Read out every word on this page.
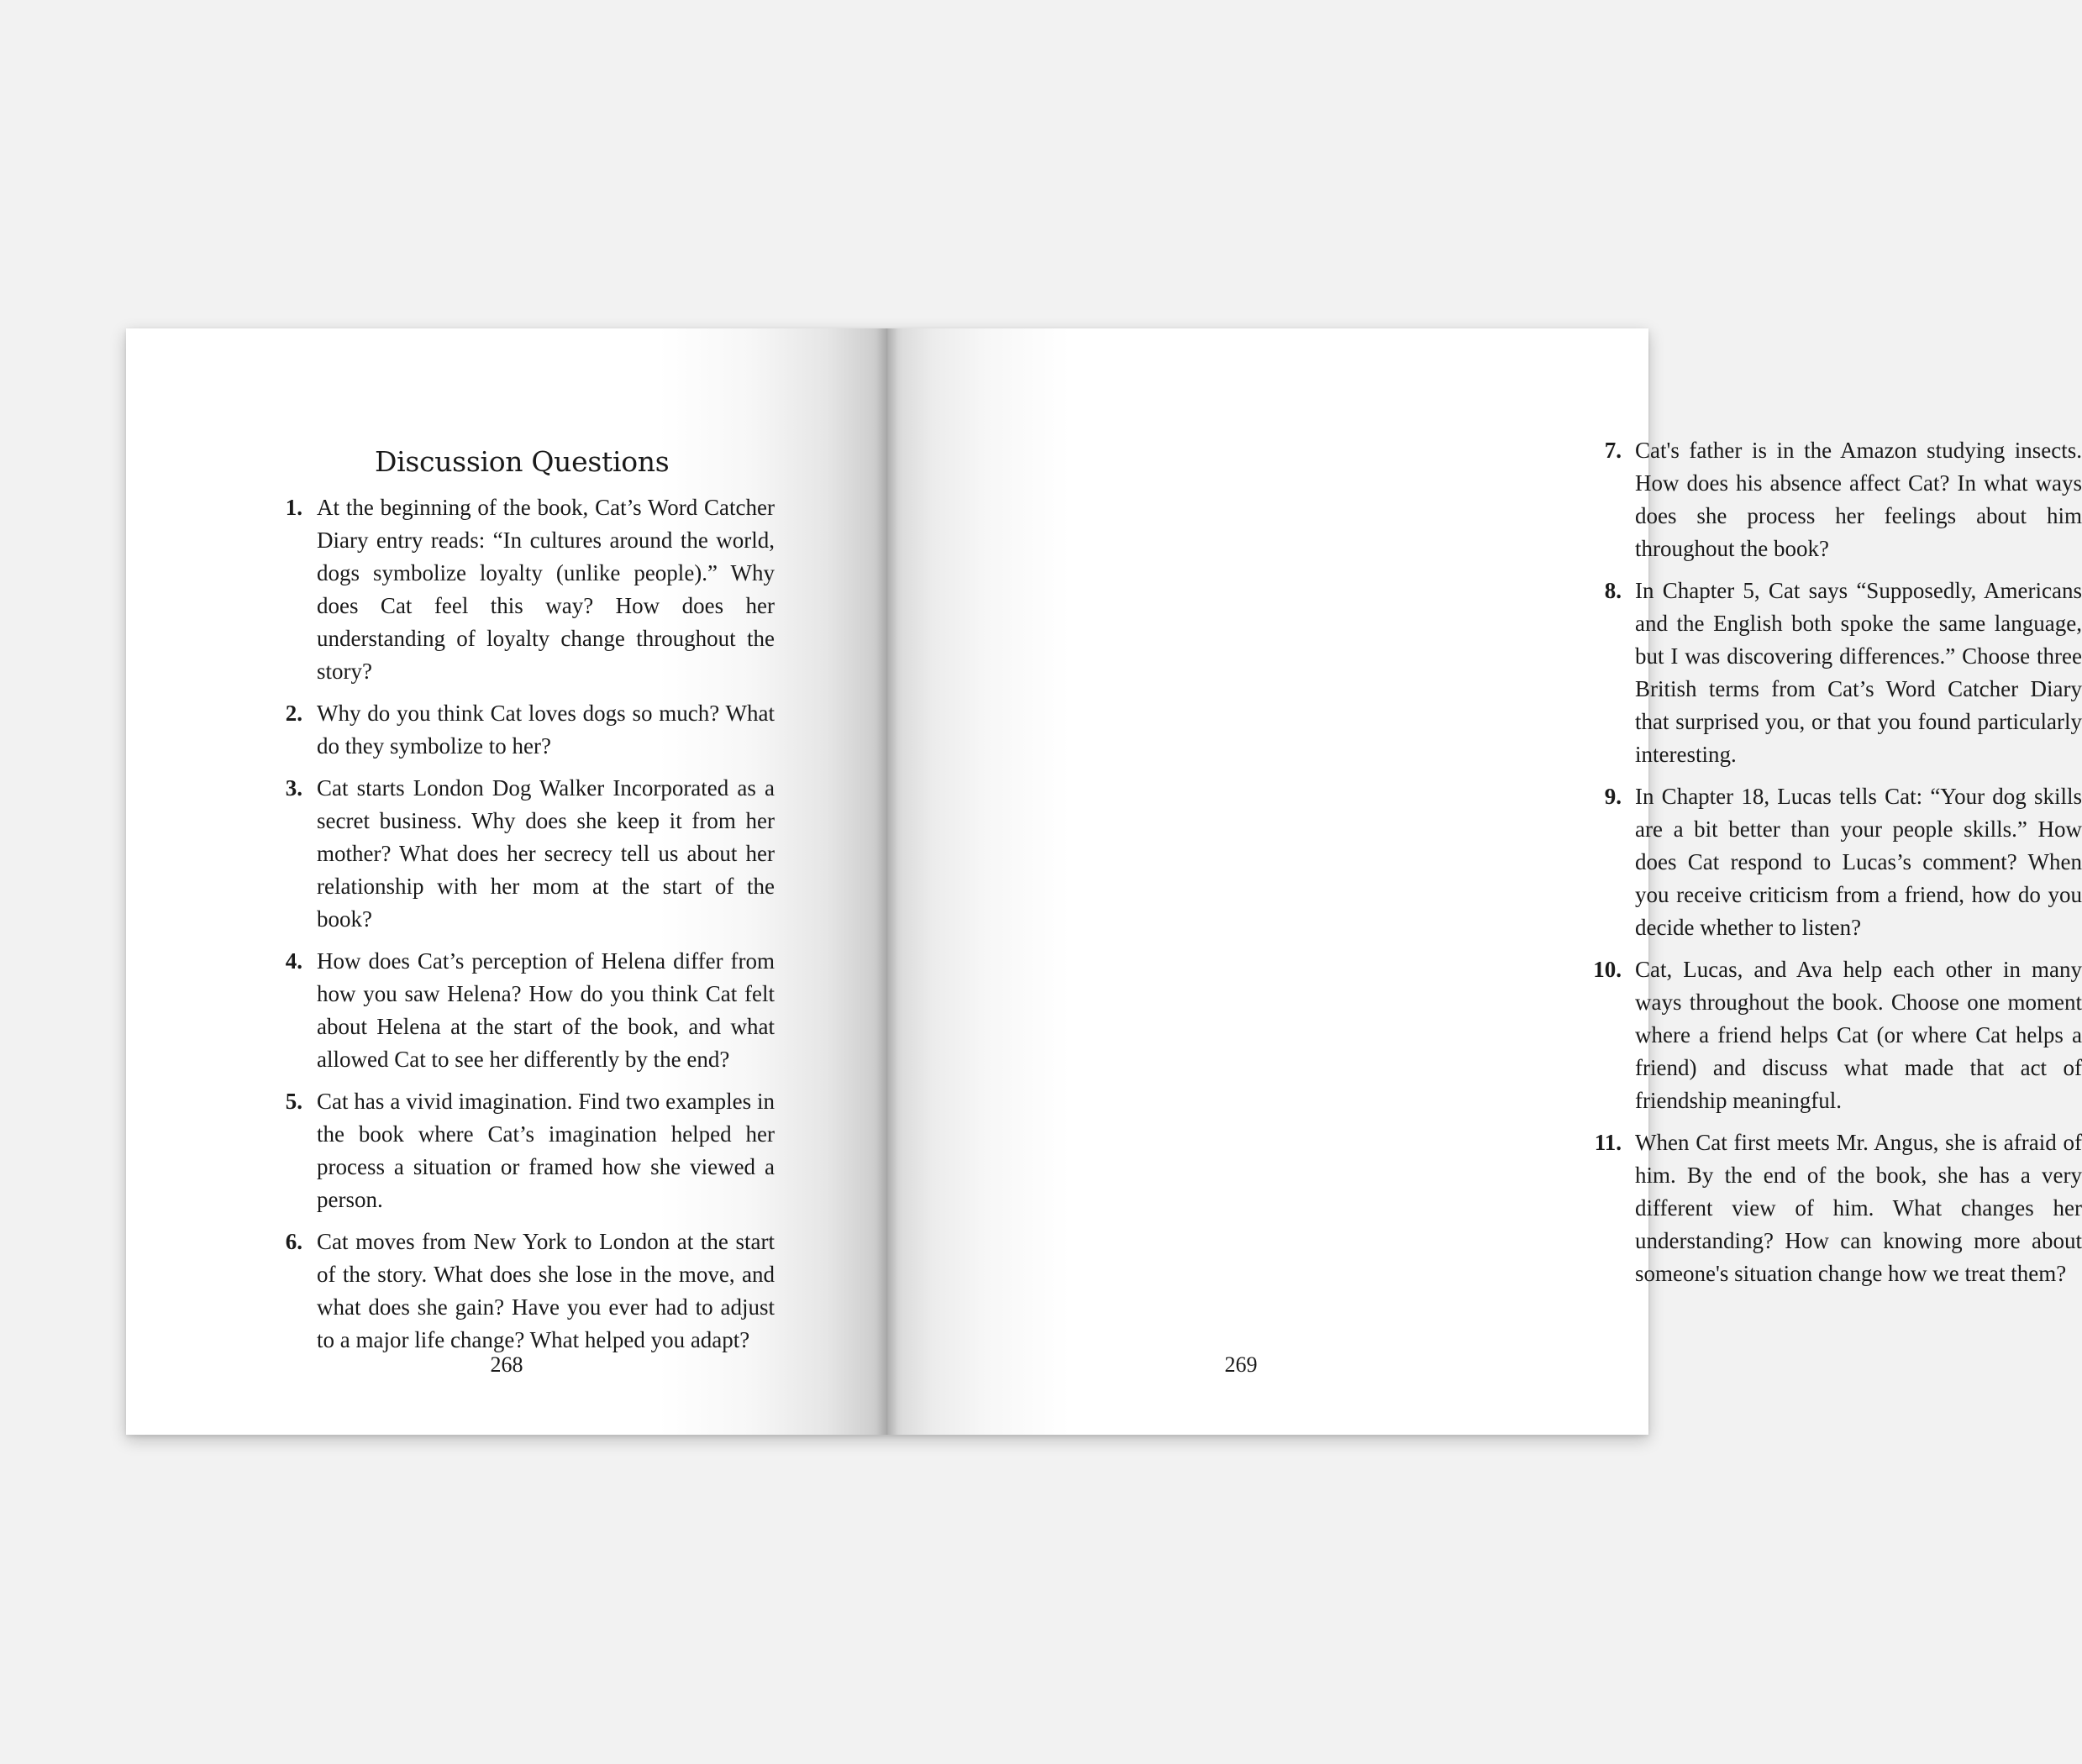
Discussion Questions
1. At the beginning of the book, Cat’s Word Catcher Diary entry reads: “In cultures around the world, dogs symbolize loyalty (unlike people).” Why does Cat feel this way? How does her understanding of loyalty change throughout the story?
2. Why do you think Cat loves dogs so much? What do they symbolize to her?
3. Cat starts London Dog Walker Incorporated as a secret business. Why does she keep it from her mother? What does her secrecy tell us about her relationship with her mom at the start of the book?
4. How does Cat’s perception of Helena differ from how you saw Helena? How do you think Cat felt about Helena at the start of the book, and what allowed Cat to see her differently by the end?
5. Cat has a vivid imagination. Find two examples in the book where Cat’s imagination helped her process a situation or framed how she viewed a person.
6. Cat moves from New York to London at the start of the story. What does she lose in the move, and what does she gain? Have you ever had to adjust to a major life change? What helped you adapt?
268
7. Cat's father is in the Amazon studying insects. How does his absence affect Cat? In what ways does she process her feelings about him throughout the book?
8. In Chapter 5, Cat says “Supposedly, Americans and the English both spoke the same language, but I was discovering differences.” Choose three British terms from Cat’s Word Catcher Diary that surprised you, or that you found particularly interesting.
9. In Chapter 18, Lucas tells Cat: “Your dog skills are a bit better than your people skills.” How does Cat respond to Lucas’s comment? When you receive criticism from a friend, how do you decide whether to listen?
10. Cat, Lucas, and Ava help each other in many ways throughout the book. Choose one moment where a friend helps Cat (or where Cat helps a friend) and discuss what made that act of friendship meaningful.
11. When Cat first meets Mr. Angus, she is afraid of him. By the end of the book, she has a very different view of him. What changes her understanding? How can knowing more about someone's situation change how we treat them?
269
